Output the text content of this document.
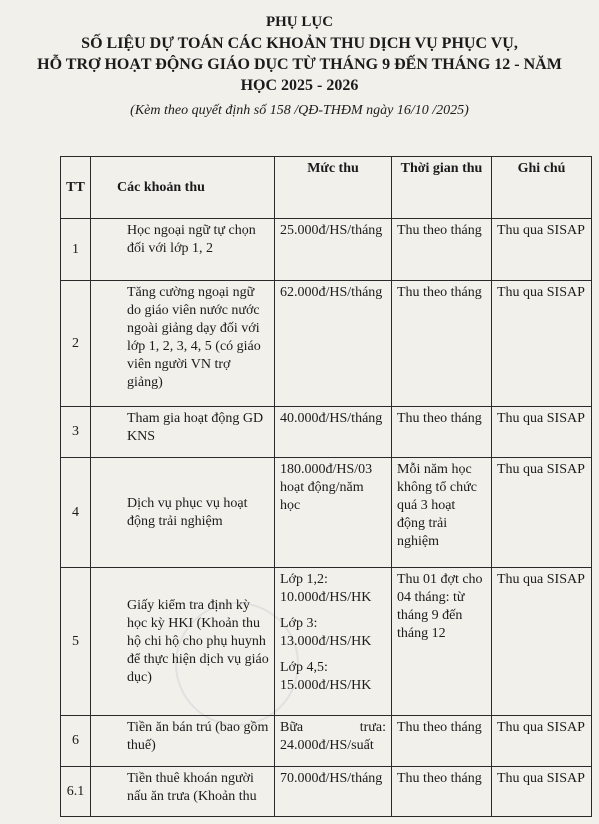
PHỤ LỤC

SỐ LIỆU DỰ TOÁN CÁC KHOẢN THU DỊCH VỤ PHỤC VỤ,

HỖ TRỢ HOẠT ĐỘNG GIÁO DỤC TỪ THÁNG 9 ĐẾN THÁNG 12 - NĂM

HỌC 2025 - 2026

(Kèm theo quyết định số 158 /QĐ-THĐM ngày 16/10 /2025)

TT	Các khoản thu	Mức thu	Thời gian thu	Ghi chú
1	Học ngoại ngữ tự chọn đối với lớp 1, 2	25.000đ/HS/tháng	Thu theo tháng	Thu qua SISAP
2	Tăng cường ngoại ngữ do giáo viên nước nước ngoài giảng dạy đối với lớp 1, 2, 3, 4, 5 (có giáo viên người VN trợ giảng)	62.000đ/HS/tháng	Thu theo tháng	Thu qua SISAP
3	Tham gia hoạt động GD KNS	40.000đ/HS/tháng	Thu theo tháng	Thu qua SISAP
4	Dịch vụ phục vụ hoạt động trải nghiệm	180.000đ/HS/03 hoạt động/năm học	Mỗi năm học không tổ chức quá 3 hoạt động trải nghiệm	Thu qua SISAP
5	Giấy kiểm tra định kỳ học kỳ HKI (Khoản thu hộ chi hộ cho phụ huynh để thực hiện dịch vụ giáo dục)	Lớp 1,2: 10.000đ/HS/HK
Lớp 3: 13.000đ/HS/HK
Lớp 4,5: 15.000đ/HS/HK	Thu 01 đợt cho 04 tháng: từ tháng 9 đến tháng 12	Thu qua SISAP
6	Tiền ăn bán trú (bao gồm thuế)	Bữa trưa:
24.000đ/HS/suất	Thu theo tháng	Thu qua SISAP
6.1	Tiền thuê khoán người nấu ăn trưa (Khoản thu	70.000đ/HS/tháng	Thu theo tháng	Thu qua SISAP
